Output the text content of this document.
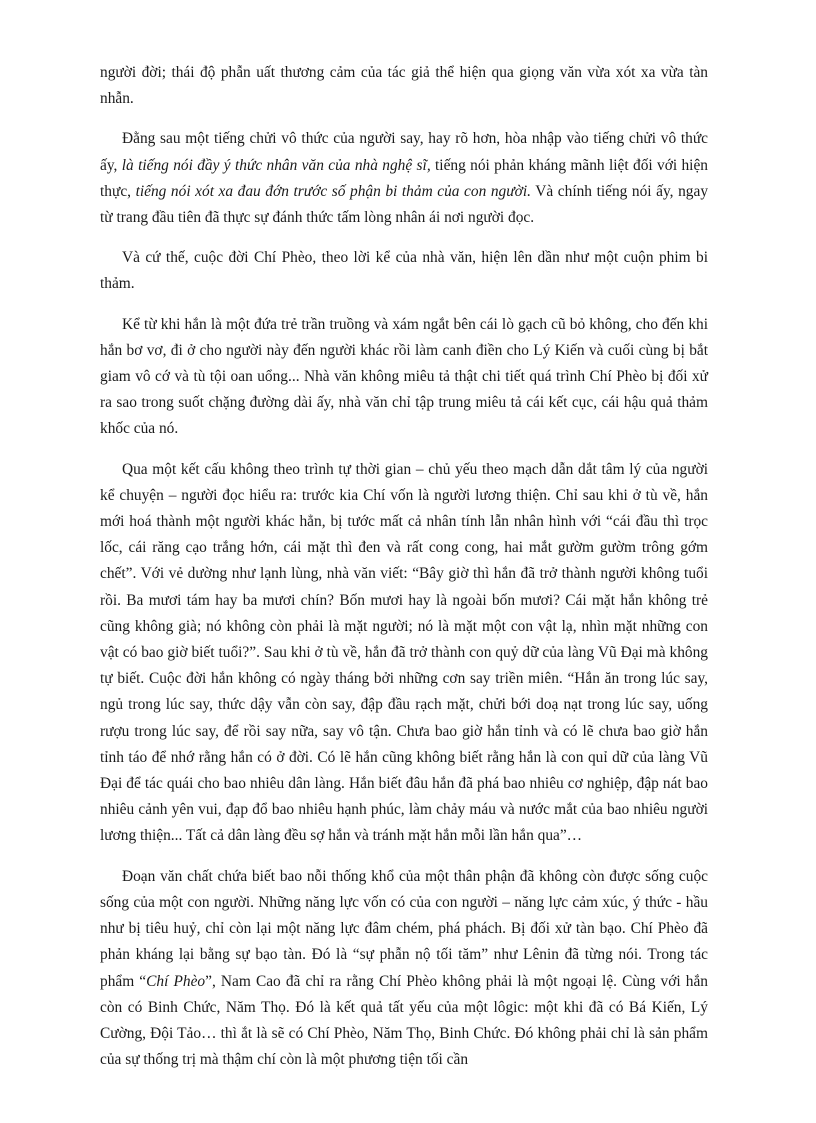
người đời; thái độ phẫn uất thương cảm của tác giả thể hiện qua giọng văn vừa xót xa vừa tàn nhẫn.

Đằng sau một tiếng chửi vô thức của người say, hay rõ hơn, hòa nhập vào tiếng chửi vô thức ấy, là tiếng nói đầy ý thức nhân văn của nhà nghệ sĩ, tiếng nói phản kháng mãnh liệt đối với hiện thực, tiếng nói xót xa đau đớn trước số phận bi thảm của con người. Và chính tiếng nói ấy, ngay từ trang đầu tiên đã thực sự đánh thức tấm lòng nhân ái nơi người đọc.

Và cứ thế, cuộc đời Chí Phèo, theo lời kể của nhà văn, hiện lên dần như một cuộn phim bi thảm.

Kể từ khi hắn là một đứa trẻ trần truồng và xám ngắt bên cái lò gạch cũ bỏ không, cho đến khi hắn bơ vơ, đi ở cho người này đến người khác rồi làm canh điền cho Lý Kiến và cuối cùng bị bắt giam vô cớ và tù tội oan uổng... Nhà văn không miêu tả thật chi tiết quá trình Chí Phèo bị đối xử ra sao trong suốt chặng đường dài ấy, nhà văn chỉ tập trung miêu tả cái kết cục, cái hậu quả thảm khốc của nó.

Qua một kết cấu không theo trình tự thời gian – chủ yếu theo mạch dẫn dắt tâm lý của người kể chuyện – người đọc hiểu ra: trước kia Chí vốn là người lương thiện. Chỉ sau khi ở tù về, hắn mới hoá thành một người khác hẳn, bị tước mất cả nhân tính lẫn nhân hình với “cái đầu thì trọc lốc, cái răng cạo trắng hớn, cái mặt thì đen và rất cong cong, hai mắt gườm gườm trông gớm chết”. Với vẻ dường như lạnh lùng, nhà văn viết: “Bây giờ thì hắn đã trở thành người không tuổi rồi. Ba mươi tám hay ba mươi chín? Bốn mươi hay là ngoài bốn mươi? Cái mặt hắn không trẻ cũng không già; nó không còn phải là mặt người; nó là mặt một con vật lạ, nhìn mặt những con vật có bao giờ biết tuổi?”. Sau khi ở tù về, hắn đã trở thành con quỷ dữ của làng Vũ Đại mà không tự biết. Cuộc đời hắn không có ngày tháng bởi những cơn say triền miên. “Hắn ăn trong lúc say, ngủ trong lúc say, thức dậy vẫn còn say, đập đầu rạch mặt, chửi bới doạ nạt trong lúc say, uống rượu trong lúc say, để rồi say nữa, say vô tận. Chưa bao giờ hắn tỉnh và có lẽ chưa bao giờ hắn tỉnh táo để nhớ rằng hắn có ở đời. Có lẽ hắn cũng không biết rằng hắn là con quỉ dữ của làng Vũ Đại để tác quái cho bao nhiêu dân làng. Hắn biết đâu hắn đã phá bao nhiêu cơ nghiệp, đập nát bao nhiêu cảnh yên vui, đạp đổ bao nhiêu hạnh phúc, làm chảy máu và nước mắt của bao nhiêu người lương thiện... Tất cả dân làng đều sợ hắn và tránh mặt hắn mỗi lần hắn qua”…

Đoạn văn chất chứa biết bao nỗi thống khổ của một thân phận đã không còn được sống cuộc sống của một con người. Những năng lực vốn có của con người – năng lực cảm xúc, ý thức - hầu như bị tiêu huỷ, chỉ còn lại một năng lực đâm chém, phá phách. Bị đối xử tàn bạo. Chí Phèo đã phản kháng lại bằng sự bạo tàn. Đó là “sự phẫn nộ tối tăm” như Lênin đã từng nói. Trong tác phẩm “Chí Phèo”, Nam Cao đã chỉ ra rằng Chí Phèo không phải là một ngoại lệ. Cùng với hắn còn có Binh Chức, Năm Thọ. Đó là kết quả tất yếu của một lôgic: một khi đã có Bá Kiến, Lý Cường, Đội Tảo… thì ắt là sẽ có Chí Phèo, Năm Thọ, Binh Chức. Đó không phải chỉ là sản phẩm của sự thống trị mà thậm chí còn là một phương tiện tối cần
